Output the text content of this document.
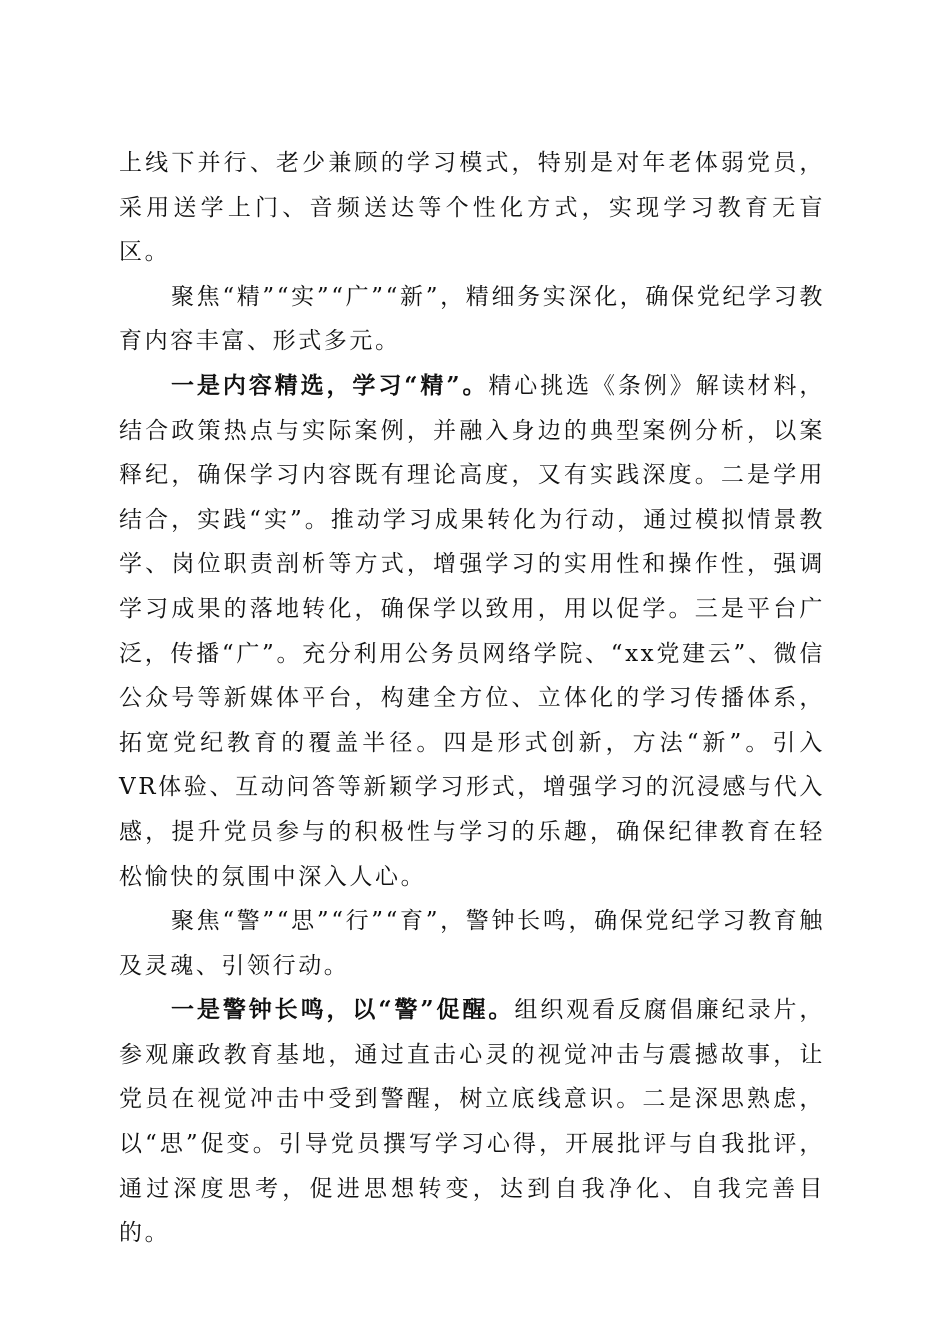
上线下并行、老少兼顾的学习模式，特别是对年老体弱党员，采用送学上门、音频送达等个性化方式，实现学习教育无盲区。

聚焦“精”“实”“广”“新”，精细务实深化，确保党纪学习教育内容丰富、形式多元。

一是内容精选，学习“精”。精心挑选《条例》解读材料，结合政策热点与实际案例，并融入身边的典型案例分析，以案释纪，确保学习内容既有理论高度，又有实践深度。二是学用结合，实践“实”。推动学习成果转化为行动，通过模拟情景教学、岗位职责剖析等方式，增强学习的实用性和操作性，强调学习成果的落地转化，确保学以致用，用以促学。三是平台广泛，传播“广”。充分利用公务员网络学院、“xx党建云”、微信公众号等新媒体平台，构建全方位、立体化的学习传播体系，拓宽党纪教育的覆盖半径。四是形式创新，方法“新”。引入VR体验、互动问答等新颖学习形式，增强学习的沉浸感与代入感，提升党员参与的积极性与学习的乐趣，确保纪律教育在轻松愉快的氛围中深入人心。

聚焦“警”“思”“行”“育”，警钟长鸣，确保党纪学习教育触及灵魂、引领行动。

一是警钟长鸣，以“警”促醒。组织观看反腐倡廉纪录片，参观廉政教育基地，通过直击心灵的视觉冲击与震撼故事，让党员在视觉冲击中受到警醒，树立底线意识。二是深思熟虑，以“思”促变。引导党员撰写学习心得，开展批评与自我批评，通过深度思考，促进思想转变，达到自我净化、自我完善目的。
